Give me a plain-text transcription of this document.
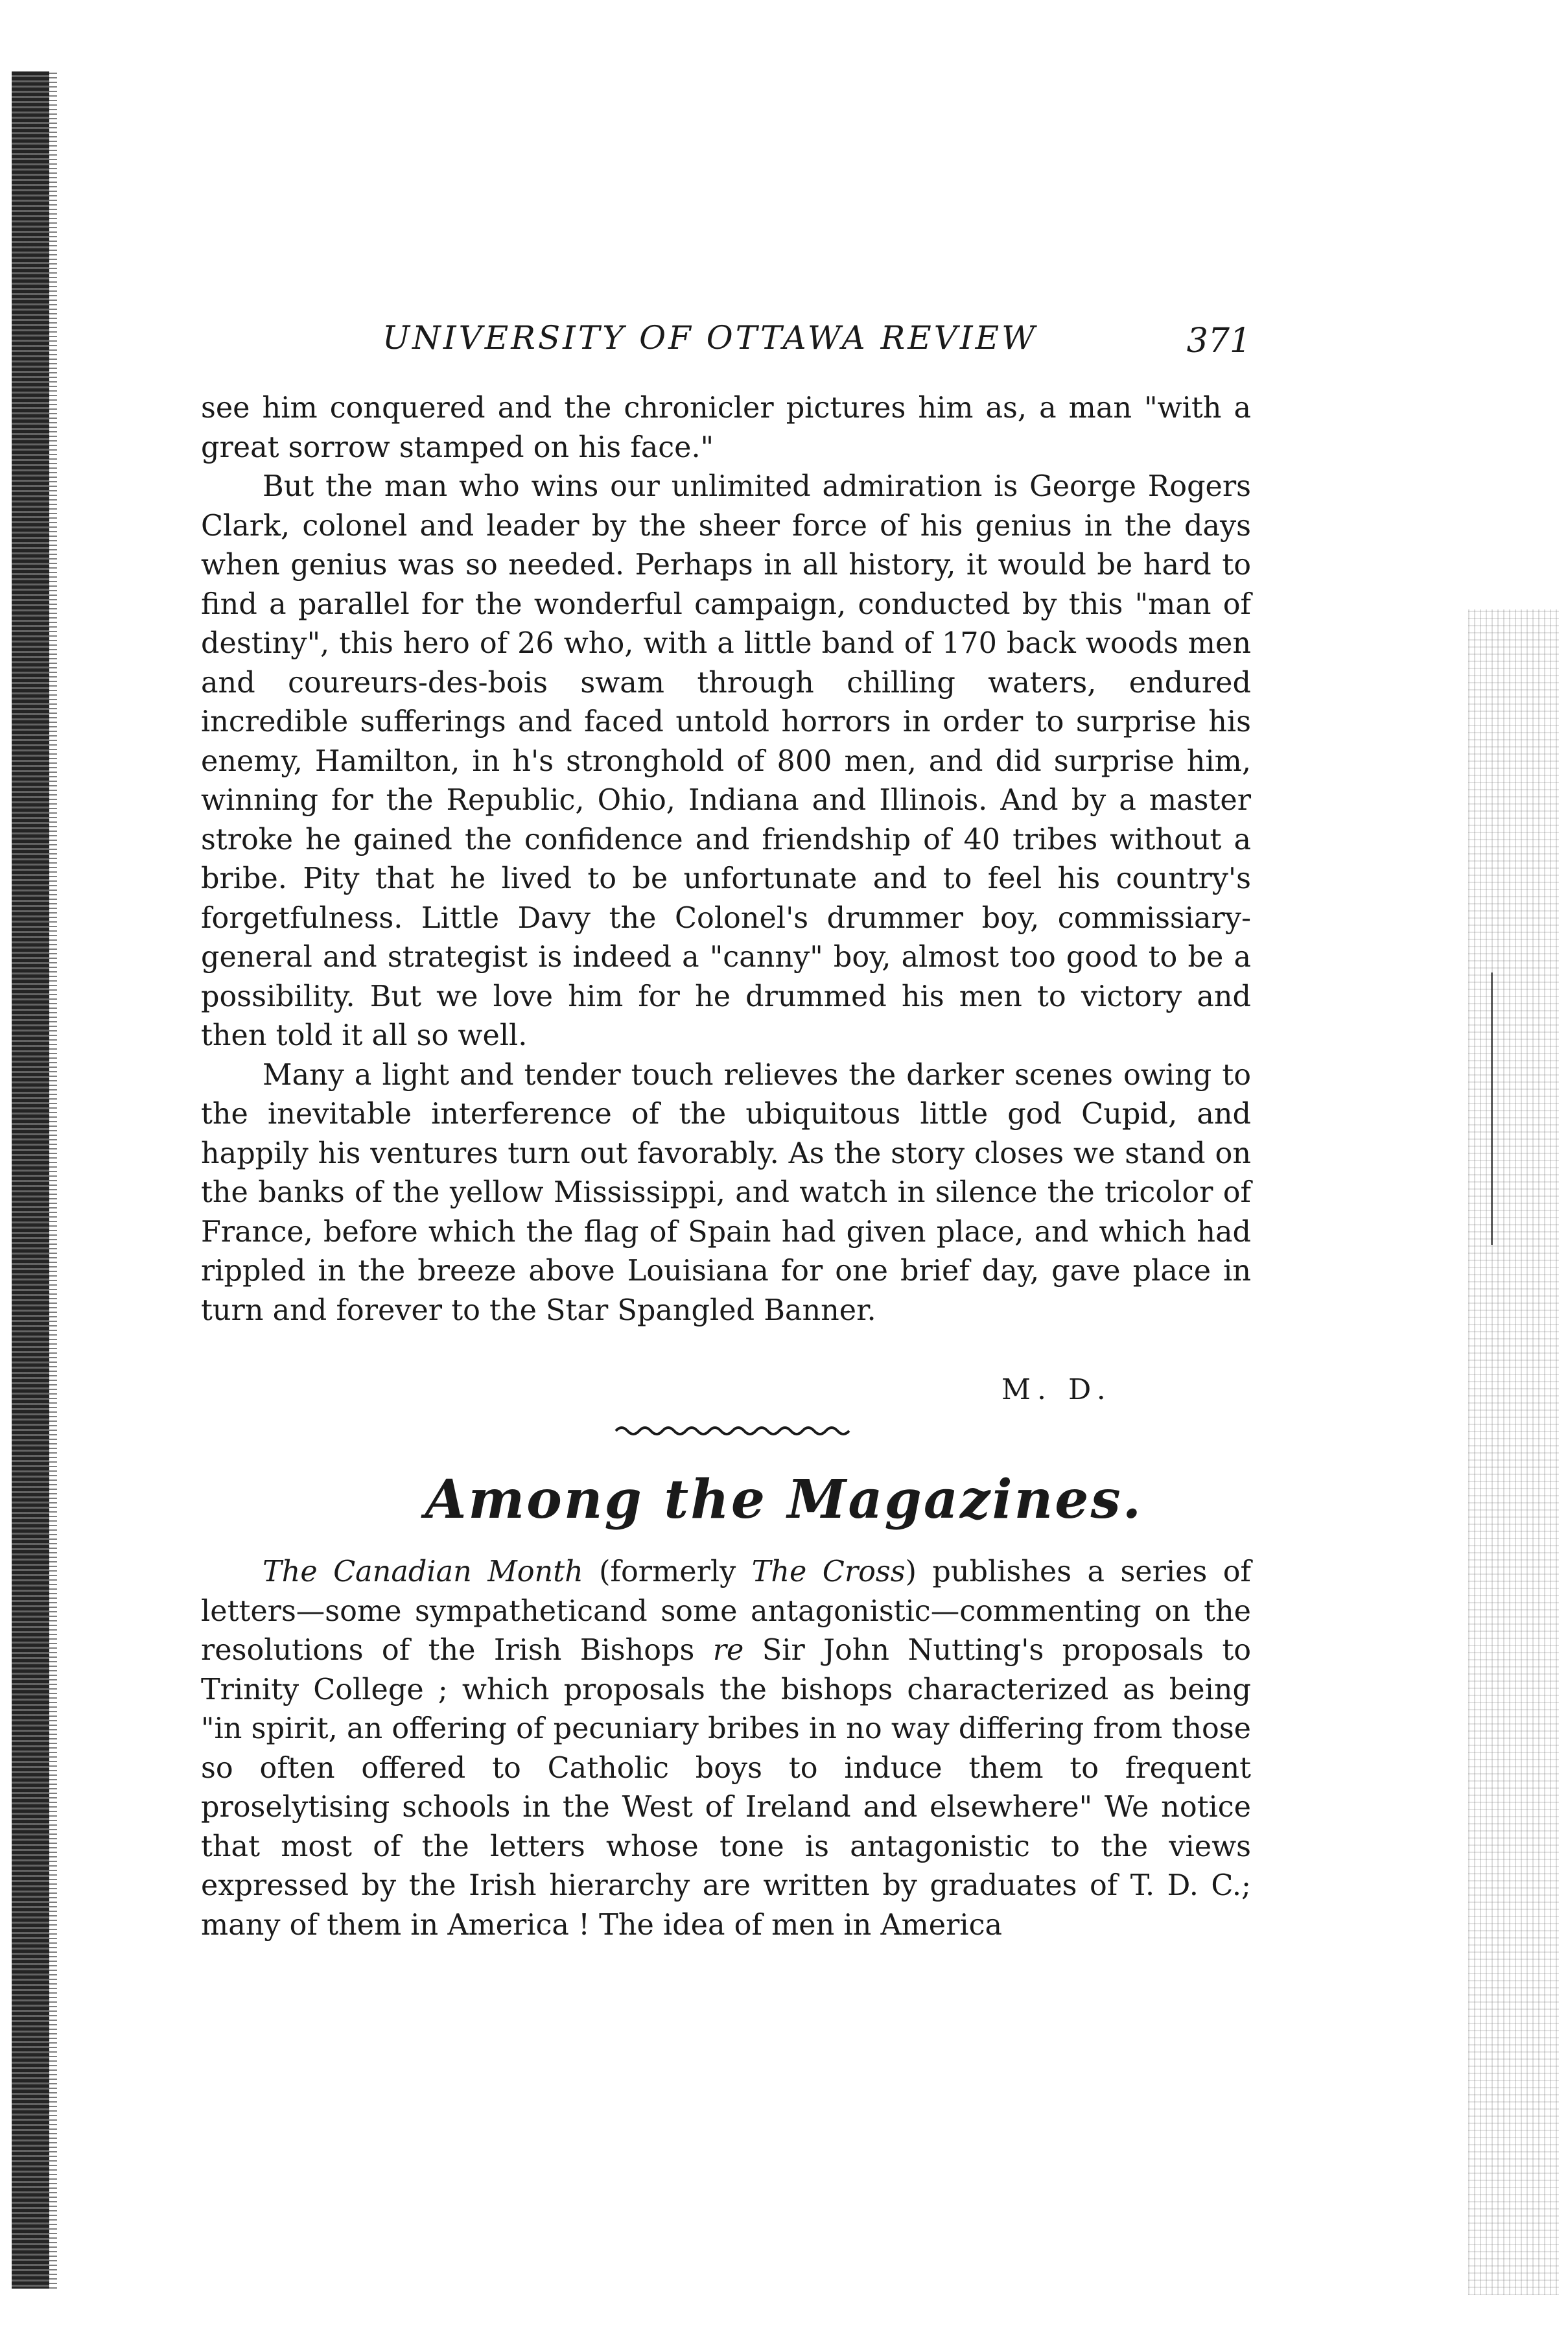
UNIVERSITY OF OTTAWA REVIEW	371

see him conquered and the chronicler pictures him as, a man "with a great sorrow stamped on his face."

But the man who wins our unlimited admiration is George Rogers Clark, colonel and leader by the sheer force of his genius in the days when genius was so needed. Perhaps in all history, it would be hard to find a parallel for the wonderful campaign, conducted by this "man of destiny", this hero of 26 who, with a little band of 170 back woods men and coureurs-des-bois swam through chilling waters, endured incredible sufferings and faced untold horrors in order to surprise his enemy, Hamilton, in h's stronghold of 800 men, and did surprise him, winning for the Republic, Ohio, Indiana and Illinois. And by a master stroke he gained the confidence and friendship of 40 tribes without a bribe. Pity that he lived to be unfortunate and to feel his country's forgetfulness. Little Davy the Colonel's drummer boy, commissiary-general and strategist is indeed a "canny" boy, almost too good to be a possibility. But we love him for he drummed his men to victory and then told it all so well.

Many a light and tender touch relieves the darker scenes owing to the inevitable interference of the ubiquitous little god Cupid, and happily his ventures turn out favorably. As the story closes we stand on the banks of the yellow Mississippi, and watch in silence the tricolor of France, before which the flag of Spain had given place, and which had rippled in the breeze above Louisiana for one brief day, gave place in turn and forever to the Star Spangled Banner.

M. D.
Among the Magazines.

The Canadian Month (formerly The Cross) publishes a series of letters—some sympatheticand some antagonistic—commenting on the resolutions of the Irish Bishops re Sir John Nutting's proposals to Trinity College ; which proposals the bishops characterized as being "in spirit, an offering of pecuniary bribes in no way differing from those so often offered to Catholic boys to induce them to frequent proselytising schools in the West of Ireland and elsewhere" We notice that most of the letters whose tone is antagonistic to the views expressed by the Irish hierarchy are written by graduates of T. D. C.; many of them in America ! The idea of men in America
